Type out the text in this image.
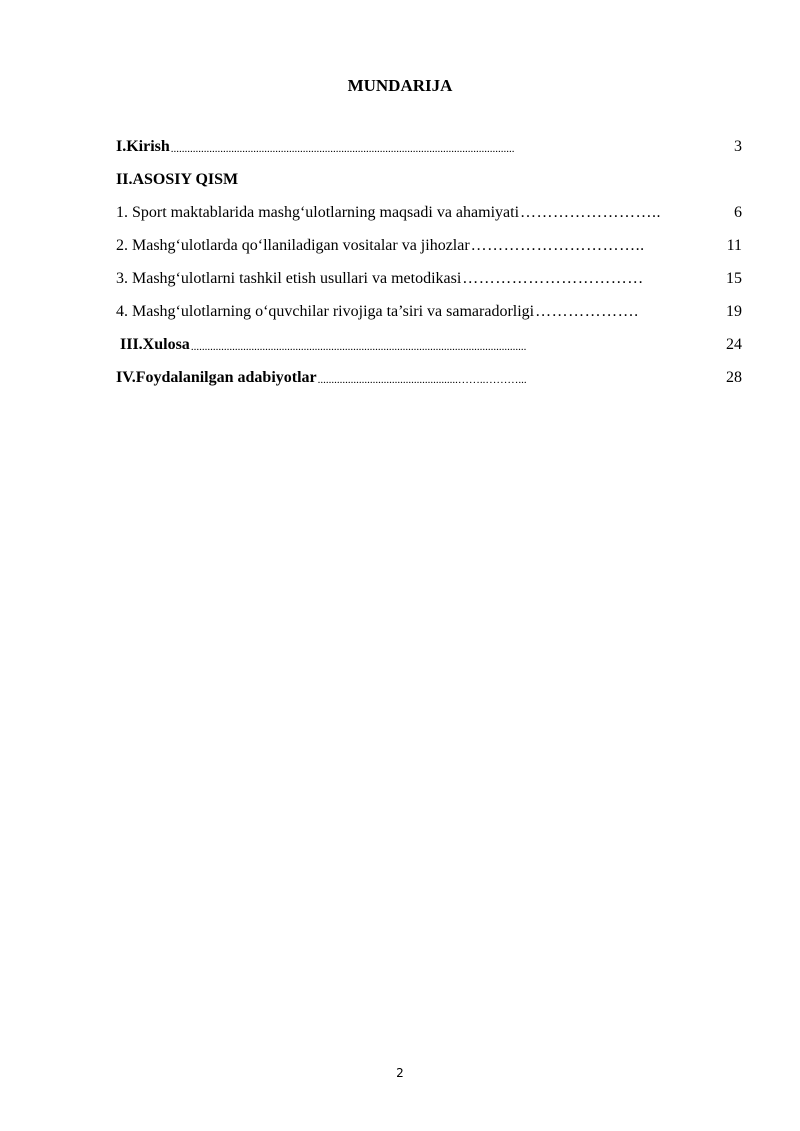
MUNDARIJA
I.Kirish .............................................................................................................................	3
II.ASOSIY QISM
1. Sport maktablarida mashg‘ulotlarning maqsadi va ahamiyati ……………………..	6
2. Mashg‘ulotlarda qo‘llaniladigan vositalar va jihozlar …………………………..	11
3. Mashg‘ulotlarni tashkil etish usullari va metodikasi ……………………………	15
4. Mashg‘ulotlarning o‘quvchilar rivojiga ta’siri va samaradorligi ……………….	19
III.Xulosa ..........................................................................................................................	24
IV.Foydalanilgan adabiyotlar ...................................................……..………...	28
2
